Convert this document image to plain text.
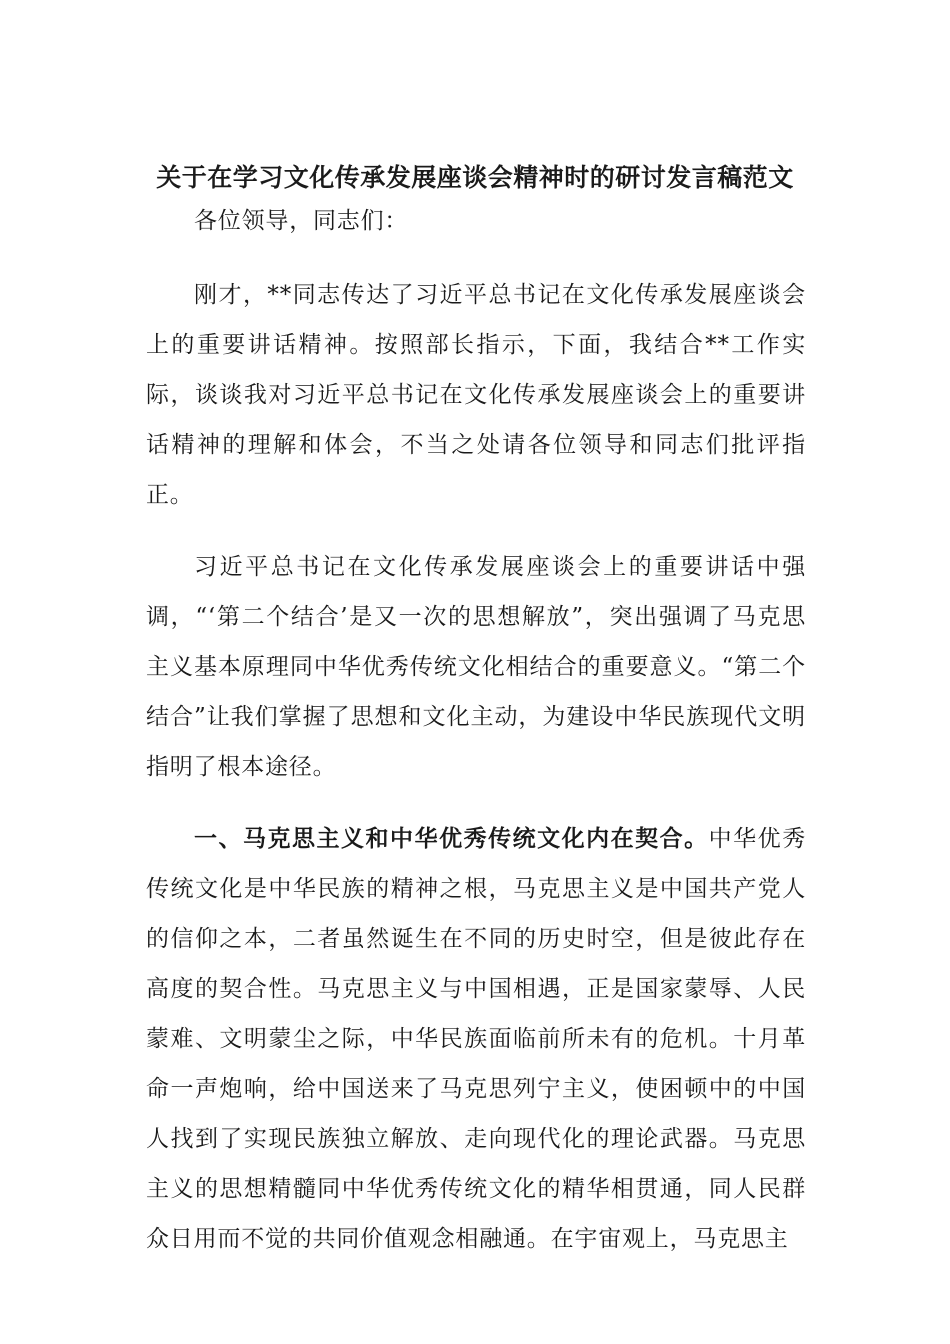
关于在学习文化传承发展座谈会精神时的研讨发言稿范文

各位领导，同志们：

刚才，**同志传达了习近平总书记在文化传承发展座谈会上的重要讲话精神。按照部长指示，下面，我结合**工作实际，谈谈我对习近平总书记在文化传承发展座谈会上的重要讲话精神的理解和体会，不当之处请各位领导和同志们批评指正。

习近平总书记在文化传承发展座谈会上的重要讲话中强调，“‘第二个结合’是又一次的思想解放”，突出强调了马克思主义基本原理同中华优秀传统文化相结合的重要意义。“第二个结合”让我们掌握了思想和文化主动，为建设中华民族现代文明指明了根本途径。

一、马克思主义和中华优秀传统文化内在契合。中华优秀传统文化是中华民族的精神之根，马克思主义是中国共产党人的信仰之本，二者虽然诞生在不同的历史时空，但是彼此存在高度的契合性。马克思主义与中国相遇，正是国家蒙辱、人民蒙难、文明蒙尘之际，中华民族面临前所未有的危机。十月革命一声炮响，给中国送来了马克思列宁主义，使困顿中的中国人找到了实现民族独立解放、走向现代化的理论武器。马克思主义的思想精髓同中华优秀传统文化的精华相贯通，同人民群众日用而不觉的共同价值观念相融通。在宇宙观上，马克思主
